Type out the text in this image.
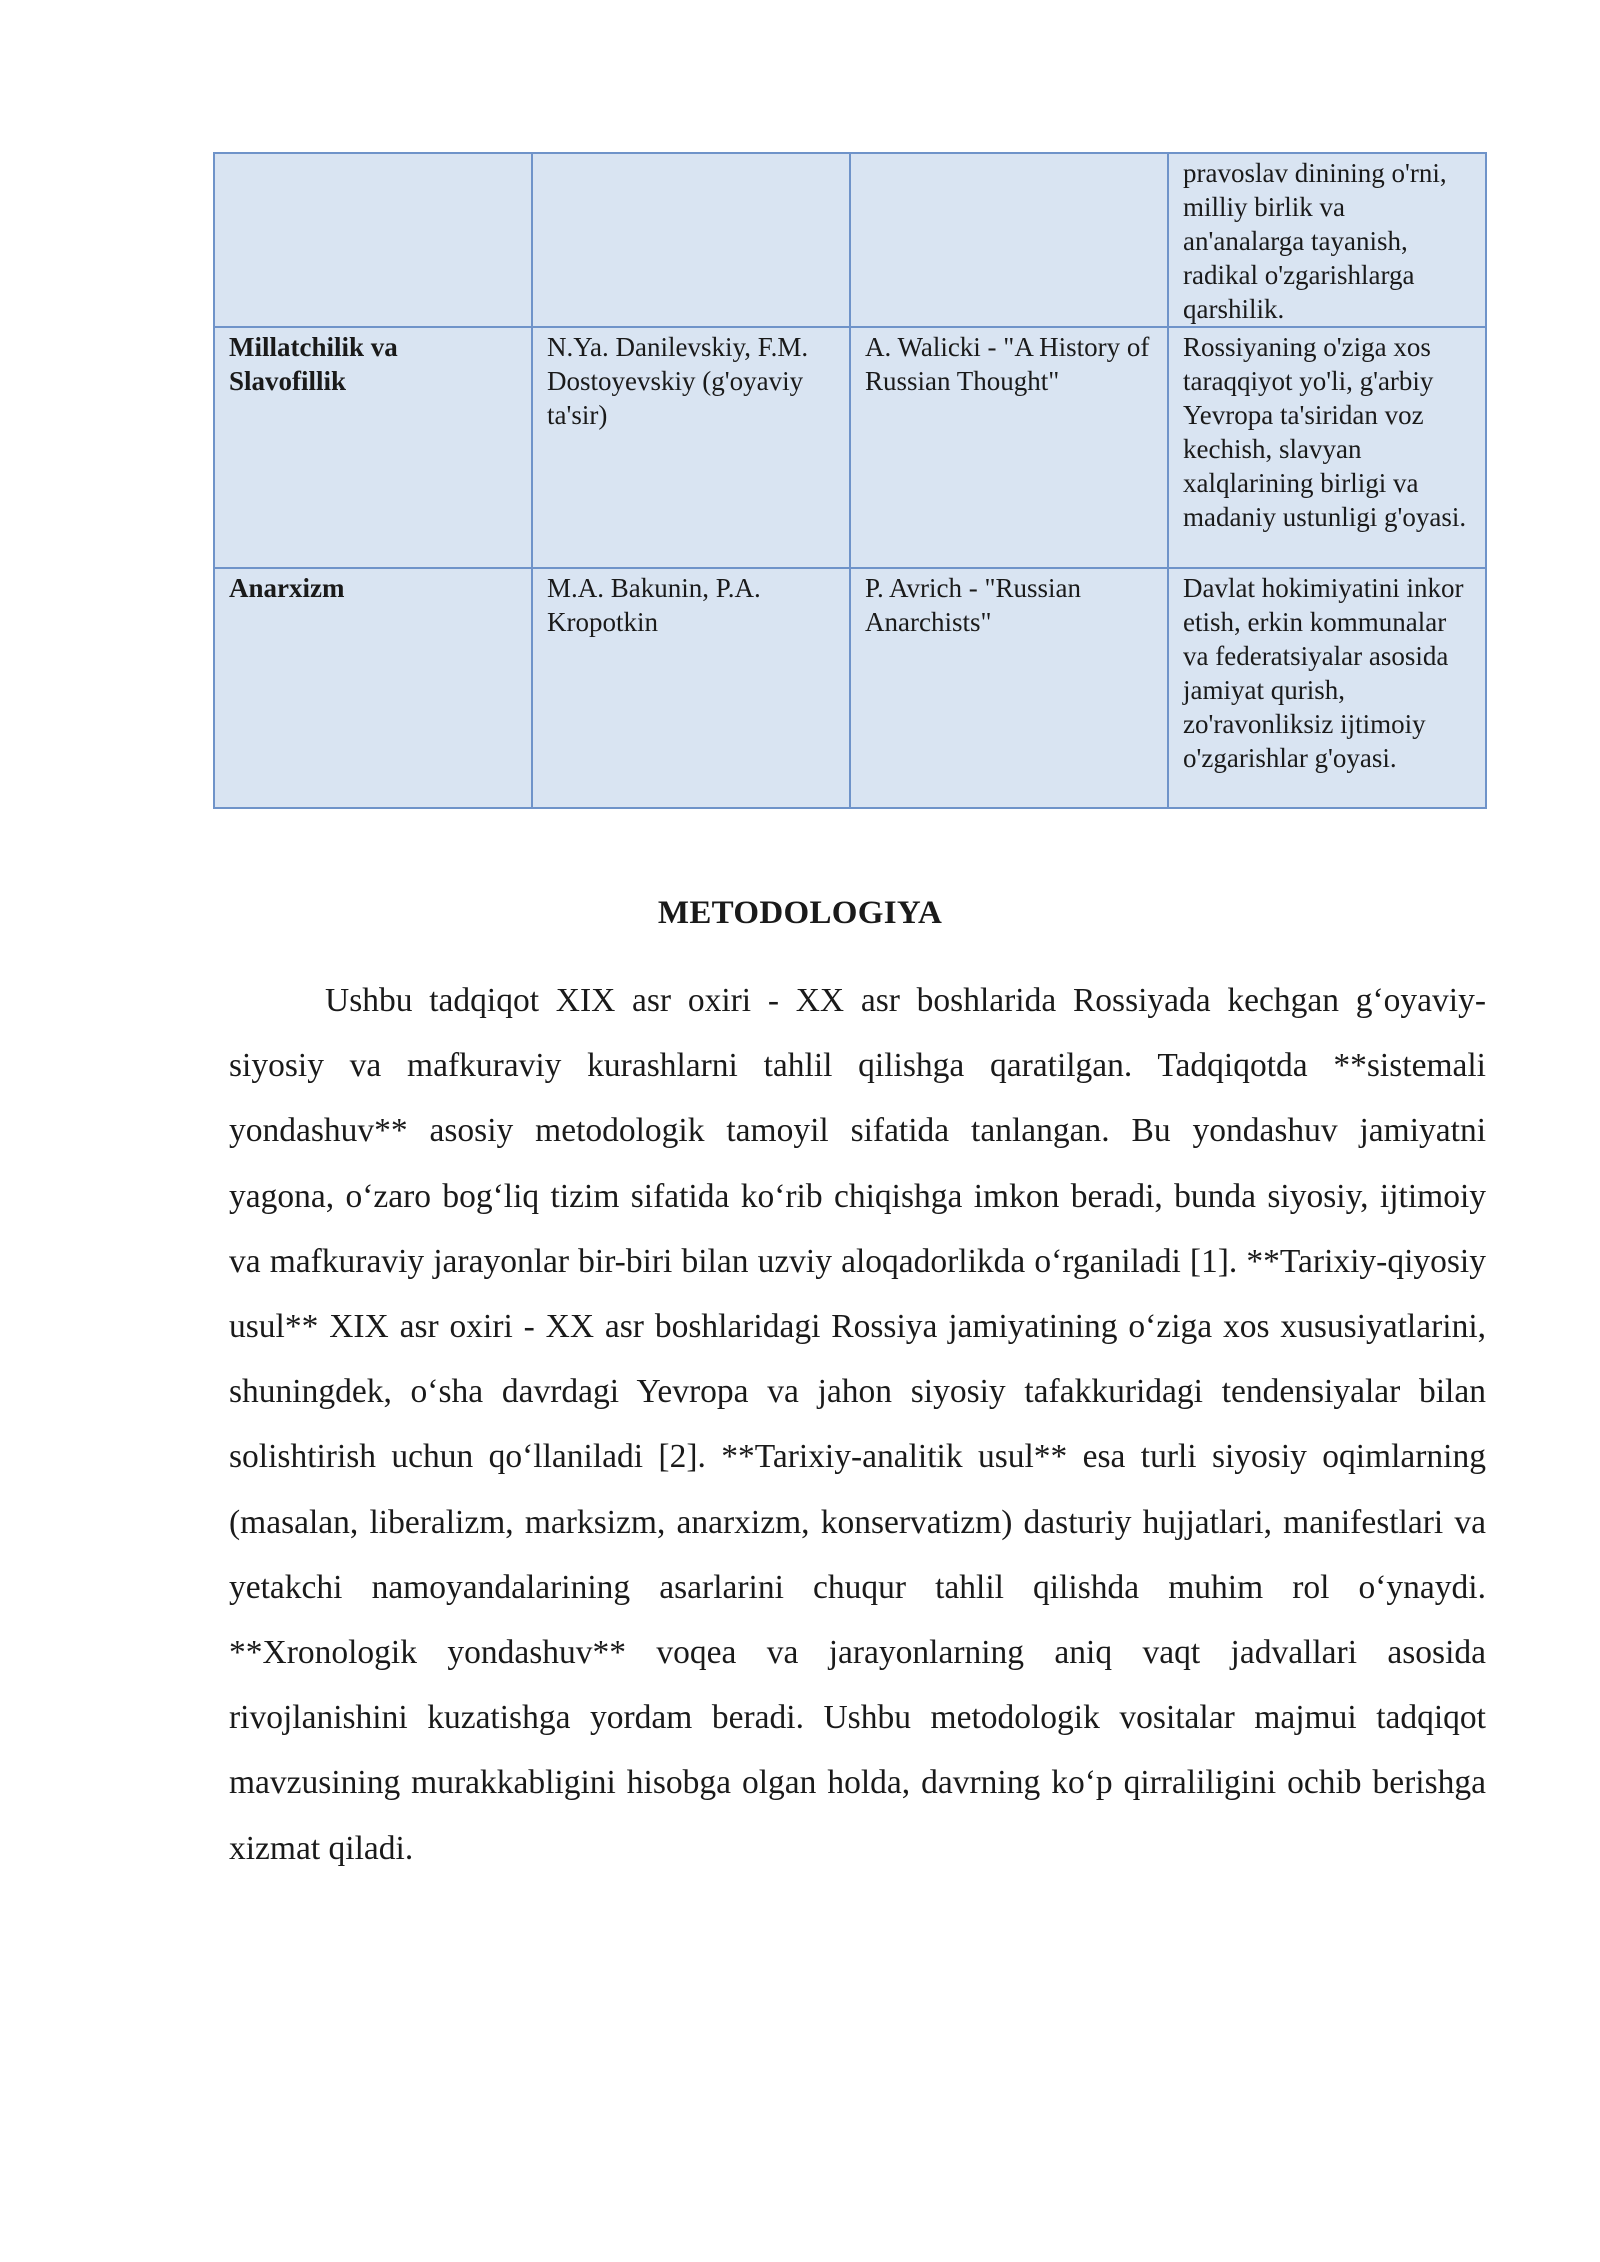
			pravoslav dinining o'rni, milliy birlik va an'analarga tayanish, radikal o'zgarishlarga qarshilik.
Millatchilik va Slavofillik	N.Ya. Danilevskiy, F.M. Dostoyevskiy (g'oyaviy ta'sir)	A. Walicki - "A History of Russian Thought"	Rossiyaning o'ziga xos taraqqiyot yo'li, g'arbiy Yevropa ta'siridan voz kechish, slavyan xalqlarining birligi va madaniy ustunligi g'oyasi.
Anarxizm	M.A. Bakunin, P.A. Kropotkin	P. Avrich - "Russian Anarchists"	Davlat hokimiyatini inkor etish, erkin kommunalar va federatsiyalar asosida jamiyat qurish, zo'ravonliksiz ijtimoiy o'zgarishlar g'oyasi.
METODOLOGIYA

Ushbu tadqiqot XIX asr oxiri - XX asr boshlarida Rossiyada kechgan g‘oyaviy-siyosiy va mafkuraviy kurashlarni tahlil qilishga qaratilgan. Tadqiqotda **sistemali yondashuv** asosiy metodologik tamoyil sifatida tanlangan. Bu yondashuv jamiyatni yagona, o‘zaro bog‘liq tizim sifatida ko‘rib chiqishga imkon beradi, bunda siyosiy, ijtimoiy va mafkuraviy jarayonlar bir-biri bilan uzviy aloqadorlikda o‘rganiladi [1]. **Tarixiy-qiyosiy usul** XIX asr oxiri - XX asr boshlaridagi Rossiya jamiyatining o‘ziga xos xususiyatlarini, shuningdek, o‘sha davrdagi Yevropa va jahon siyosiy tafakkuridagi tendensiyalar bilan solishtirish uchun qo‘llaniladi [2]. **Tarixiy-analitik usul** esa turli siyosiy oqimlarning (masalan, liberalizm, marksizm, anarxizm, konservatizm) dasturiy hujjatlari, manifestlari va yetakchi namoyandalarining asarlarini chuqur tahlil qilishda muhim rol o‘ynaydi. **Xronologik yondashuv** voqea va jarayonlarning aniq vaqt jadvallari asosida rivojlanishini kuzatishga yordam beradi. Ushbu metodologik vositalar majmui tadqiqot mavzusining murakkabligini hisobga olgan holda, davrning ko‘p qirraliligini ochib berishga xizmat qiladi.
